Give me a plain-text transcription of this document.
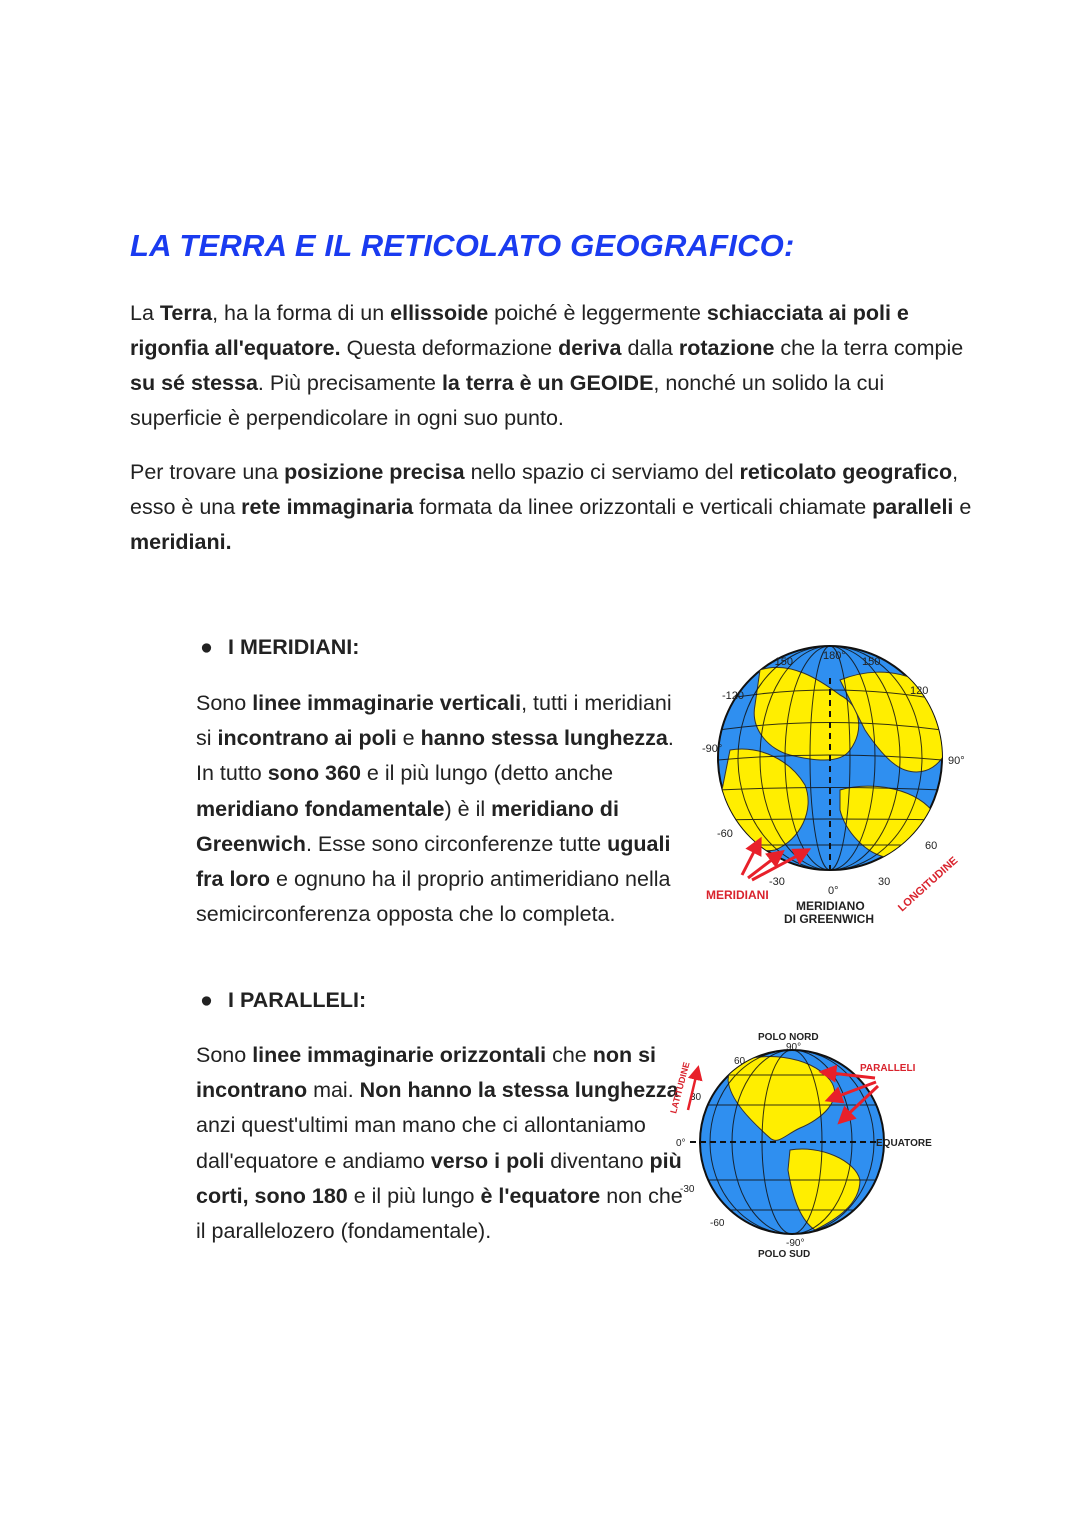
LA TERRA E IL RETICOLATO GEOGRAFICO:

La Terra, ha la forma di un ellissoide poiché è leggermente schiacciata ai poli e rigonfia all'equatore. Questa deformazione deriva dalla rotazione che la terra compie su sé stessa. Più precisamente la terra è un GEOIDE, nonché un solido la cui superficie è perpendicolare in ogni suo punto.

Per trovare una posizione precisa nello spazio ci serviamo del reticolato geografico, esso è una rete immaginaria formata da linee orizzontali e verticali chiamate paralleli e meridiani.

● I MERIDIANI:

Sono linee immaginarie verticali, tutti i meridiani si incontrano ai poli e hanno stessa lunghezza. In tutto sono 360 e il più lungo (detto anche meridiano fondamentale) è il meridiano di Greenwich. Esse sono circonferenze tutte uguali fra loro e ognuno ha il proprio antimeridiano nella semicirconferenza opposta che lo completa.

-150	180° 150
-120	120
-90°
90°
-60
60
-30	30
0°
MERIDIANI
MERIDIANO
DI GREENWICH
LONGITUDINE
● I PARALLELI:

Sono linee immaginarie orizzontali che non si incontrano mai. Non hanno la stessa lunghezza anzi quest'ultimi man mano che ci allontaniamo dall'equatore e andiamo verso i poli diventano più corti, sono 180 e il più lungo è l'equatore non che il parallelozero (fondamentale).

POLO NORD
90°
60
30
0°
-30
-60
-90°
POLO SUD
PARALLELI
EQUATORE
LATITUDINE
